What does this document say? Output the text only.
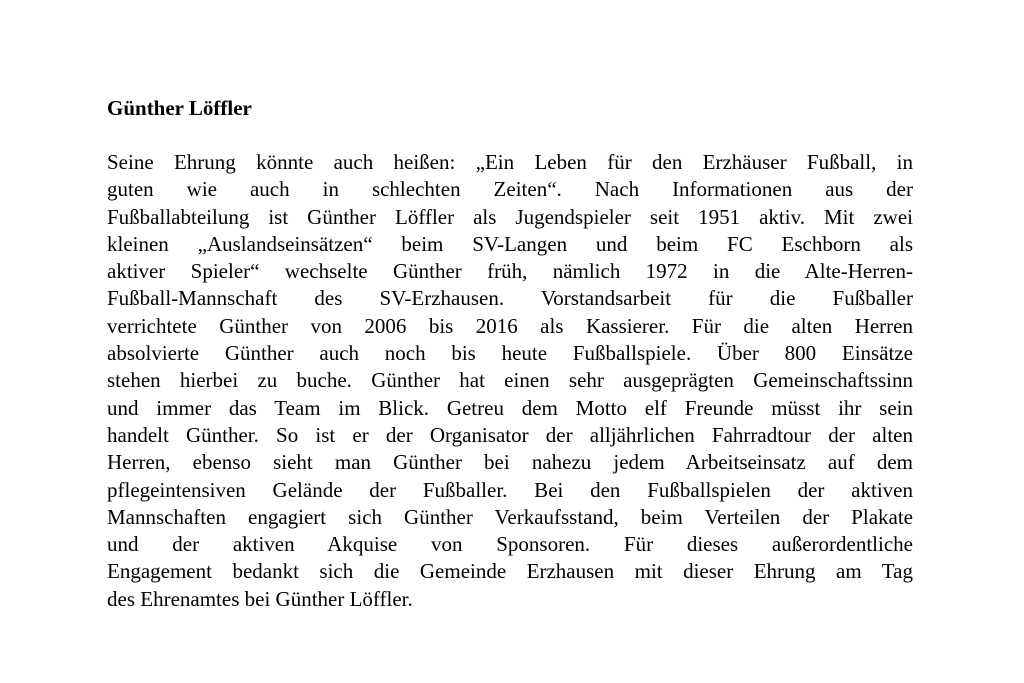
Günther Löffler
Seine Ehrung könnte auch heißen: „Ein Leben für den Erzhäuser Fußball, in
guten wie auch in schlechten Zeiten“. Nach Informationen aus der
Fußballabteilung ist Günther Löffler als Jugendspieler seit 1951 aktiv. Mit zwei
kleinen „Auslandseinsätzen“ beim SV-Langen und beim FC Eschborn als
aktiver Spieler“ wechselte Günther früh, nämlich 1972 in die Alte-Herren-
Fußball-Mannschaft des SV-Erzhausen. Vorstandsarbeit für die Fußballer
verrichtete Günther von 2006 bis 2016 als Kassierer. Für die alten Herren
absolvierte Günther auch noch bis heute Fußballspiele. Über 800 Einsätze
stehen hierbei zu buche. Günther hat einen sehr ausgeprägten Gemeinschaftssinn
und immer das Team im Blick. Getreu dem Motto elf Freunde müsst ihr sein
handelt Günther. So ist er der Organisator der alljährlichen Fahrradtour der alten
Herren, ebenso sieht man Günther bei nahezu jedem Arbeitseinsatz auf dem
pflegeintensiven Gelände der Fußballer. Bei den Fußballspielen der aktiven
Mannschaften engagiert sich Günther Verkaufsstand, beim Verteilen der Plakate
und der aktiven Akquise von Sponsoren. Für dieses außerordentliche
Engagement bedankt sich die Gemeinde Erzhausen mit dieser Ehrung am Tag
des Ehrenamtes bei Günther Löffler.
